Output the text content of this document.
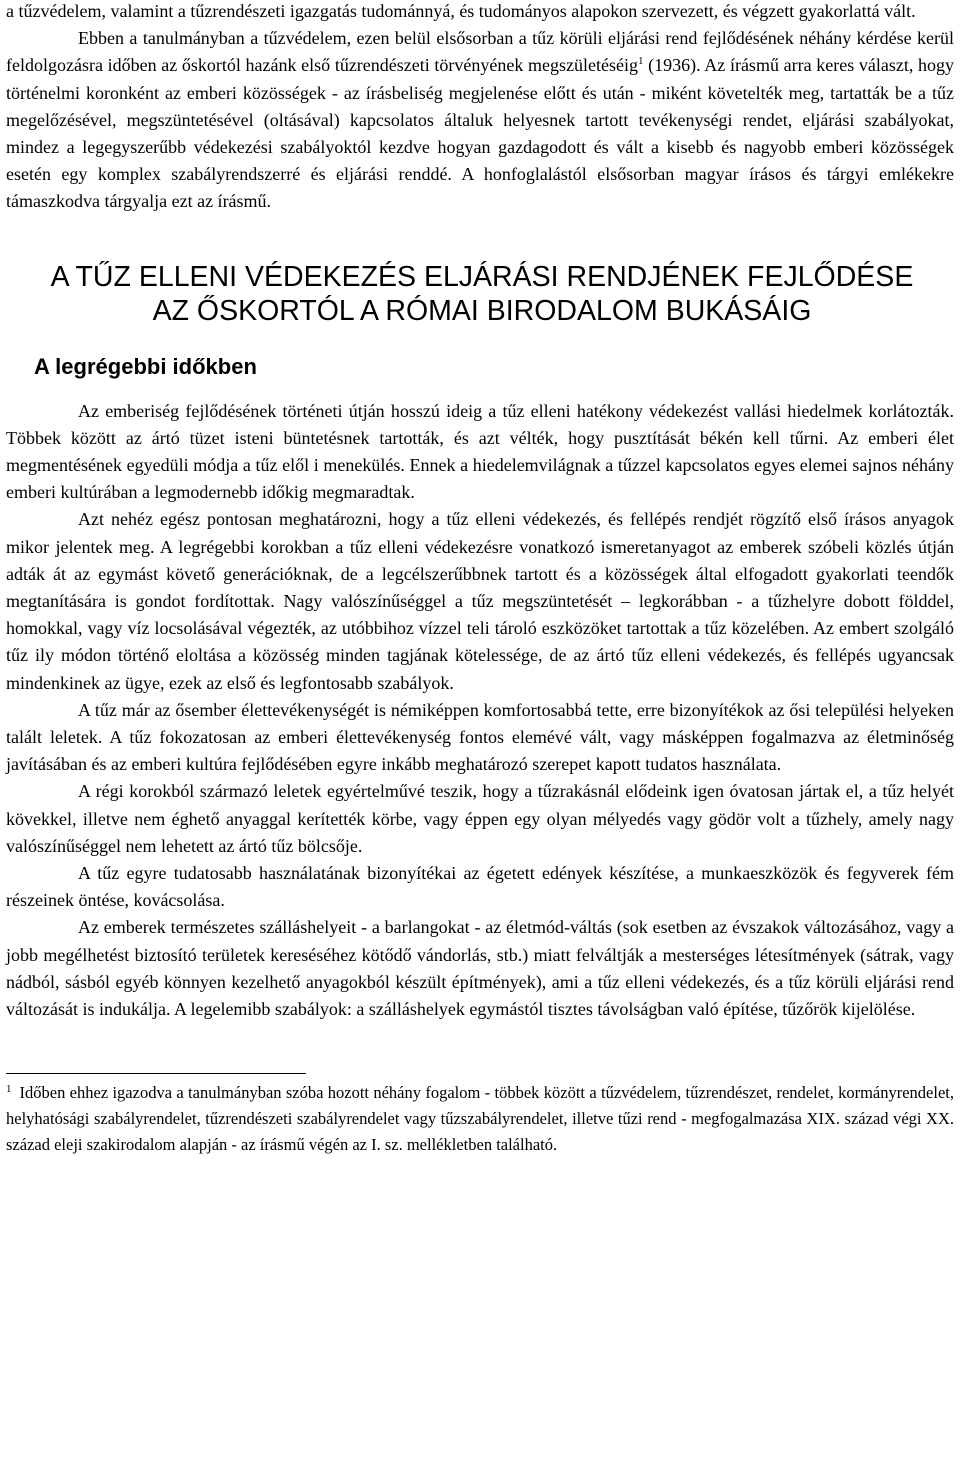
a tűzvédelem, valamint a tűzrendészeti igazgatás tudománnyá, és tudományos alapokon szervezett, és végzett gyakorlattá vált.

Ebben a tanulmányban a tűzvédelem, ezen belül elsősorban a tűz körüli eljárási rend fejlődésének néhány kérdése kerül feldolgozásra időben az őskortól hazánk első tűzrendészeti törvényének megszületéséig$^1$ (1936). Az írásmű arra keres választ, hogy történelmi koronként az emberi közösségek - az írásbeliség megjelenése előtt és után - miként követelték meg, tartatták be a tűz megelőzésével, megszüntetésével (oltásával) kapcsolatos általuk helyesnek tartott tevékenységi rendet, eljárási szabályokat, mindez a legegyszerűbb védekezési szabályoktól kezdve hogyan gazdagodott és vált a kisebb és nagyobb emberi közösségek esetén egy komplex szabályrendszerré és eljárási renddé. A honfoglalástól elsősorban magyar írásos és tárgyi emlékekre támaszkodva tárgyalja ezt az írásmű.

A TŰZ ELLENI VÉDEKEZÉS ELJÁRÁSI RENDJÉNEK FEJLŐDÉSE
AZ ŐSKORTÓL A RÓMAI BIRODALOM BUKÁSÁIG
A legrégebbi időkben

Az emberiség fejlődésének történeti útján hosszú ideig a tűz elleni hatékony védekezést vallási hiedelmek korlátozták. Többek között az ártó tüzet isteni büntetésnek tartották, és azt vélték, hogy pusztítását békén kell tűrni. Az emberi élet megmentésének egyedüli módja a tűz elől i menekülés. Ennek a hiedelemvilágnak a tűzzel kapcsolatos egyes elemei sajnos néhány emberi kultúrában a legmodernebb időkig megmaradtak.

Azt nehéz egész pontosan meghatározni, hogy a tűz elleni védekezés, és fellépés rendjét rögzítő első írásos anyagok mikor jelentek meg. A legrégebbi korokban a tűz elleni védekezésre vonatkozó ismeretanyagot az emberek szóbeli közlés útján adták át az egymást követő generációknak, de a legcélszerűbbnek tartott és a közösségek által elfogadott gyakorlati teendők megtanítására is gondot fordítottak. Nagy valószínűséggel a tűz megszüntetését – legkorábban - a tűzhelyre dobott földdel, homokkal, vagy víz locsolásával végezték, az utóbbihoz vízzel teli tároló eszközöket tartottak a tűz közelében. Az embert szolgáló tűz ily módon történő eloltása a közösség minden tagjának kötelessége, de az ártó tűz elleni védekezés, és fellépés ugyancsak mindenkinek az ügye, ezek az első és legfontosabb szabályok.

A tűz már az ősember élettevékenységét is némiképpen komfortosabbá tette, erre bizonyítékok az ősi települési helyeken talált leletek. A tűz fokozatosan az emberi élettevékenység fontos elemévé vált, vagy másképpen fogalmazva az életminőség javításában és az emberi kultúra fejlődésében egyre inkább meghatározó szerepet kapott tudatos használata.

A régi korokból származó leletek egyértelművé teszik, hogy a tűzrakásnál elődeink igen óvatosan jártak el, a tűz helyét kövekkel, illetve nem éghető anyaggal kerítették körbe, vagy éppen egy olyan mélyedés vagy gödör volt a tűzhely, amely nagy valószínűséggel nem lehetett az ártó tűz bölcsője.

A tűz egyre tudatosabb használatának bizonyítékai az égetett edények készítése, a munkaeszközök és fegyverek fém részeinek öntése, kovácsolása.

Az emberek természetes szálláshelyeit - a barlangokat - az életmód-váltás (sok esetben az évszakok változásához, vagy a jobb megélhetést biztosító területek kereséséhez kötődő vándorlás, stb.) miatt felváltják a mesterséges létesítmények (sátrak, vagy nádból, sásból egyéb könnyen kezelhető anyagokból készült építmények), ami a tűz elleni védekezés, és a tűz körüli eljárási rend változását is indukálja. A legelemibb szabályok: a szálláshelyek egymástól tisztes távolságban való építése, tűzőrök kijelölése.

$^1$ Időben ehhez igazodva a tanulmányban szóba hozott néhány fogalom - többek között a tűzvédelem, tűzrendészet, rendelet, kormányrendelet, helyhatósági szabályrendelet, tűzrendészeti szabályrendelet vagy tűzszabályrendelet, illetve tűzi rend - megfogalmazása XIX. század végi XX. század eleji szakirodalom alapján - az írásmű végén az I. sz. mellékletben található.
